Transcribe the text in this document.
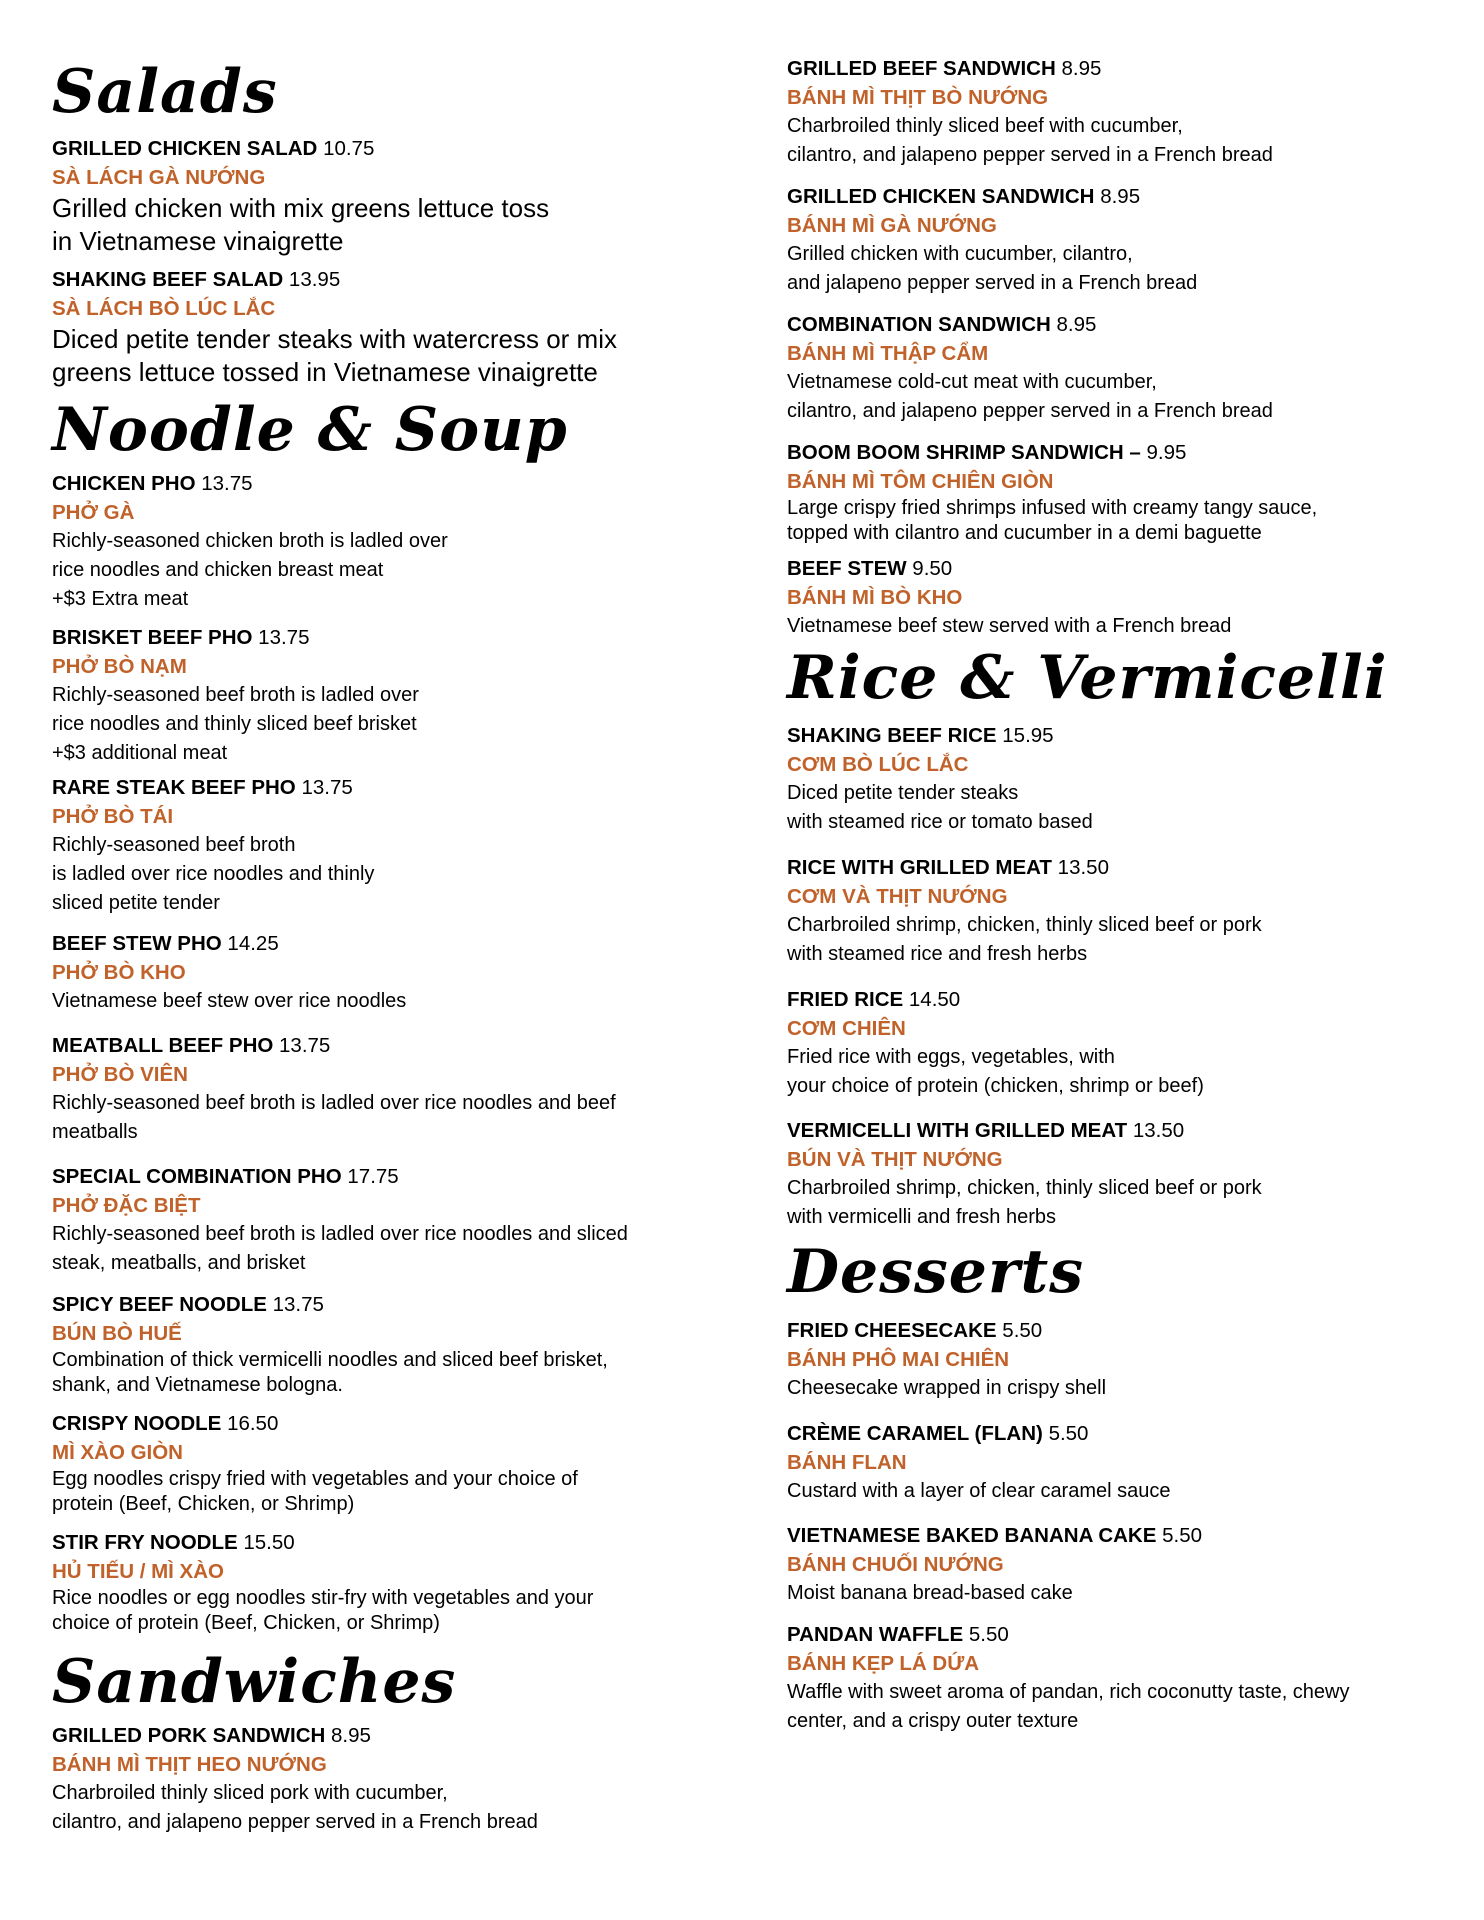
Salads
GRILLED CHICKEN SALAD 10.75
SÀ LÁCH GÀ NƯỚNG
Grilled chicken with mix greens lettuce toss
in Vietnamese vinaigrette
SHAKING BEEF SALAD 13.95
SÀ LÁCH BÒ LÚC LẮC
Diced petite tender steaks with watercress or mix
greens lettuce tossed in Vietnamese vinaigrette
Noodle & Soup
CHICKEN PHO 13.75
PHỞ GÀ
Richly-seasoned chicken broth is ladled over
rice noodles and chicken breast meat
+$3 Extra meat
BRISKET BEEF PHO 13.75
PHỞ BÒ NẠM
Richly-seasoned beef broth is ladled over
rice noodles and thinly sliced beef brisket
+$3 additional meat
RARE STEAK BEEF PHO 13.75
PHỞ BÒ TÁI
Richly-seasoned beef broth
is ladled over rice noodles and thinly
sliced petite tender
BEEF STEW PHO 14.25
PHỞ BÒ KHO
Vietnamese beef stew over rice noodles
MEATBALL BEEF PHO 13.75
PHỞ BÒ VIÊN
Richly-seasoned beef broth is ladled over rice noodles and beef
meatballs
SPECIAL COMBINATION PHO 17.75
PHỞ ĐẶC BIỆT
Richly-seasoned beef broth is ladled over rice noodles and sliced
steak, meatballs, and brisket
SPICY BEEF NOODLE 13.75
BÚN BÒ HUẾ
Combination of thick vermicelli noodles and sliced beef brisket,
shank, and Vietnamese bologna.
CRISPY NOODLE 16.50
MÌ XÀO GIÒN
Egg noodles crispy fried with vegetables and your choice of
protein (Beef, Chicken, or Shrimp)
STIR FRY NOODLE 15.50
HỦ TIẾU / MÌ XÀO
Rice noodles or egg noodles stir-fry with vegetables and your
choice of protein (Beef, Chicken, or Shrimp)
Sandwiches
GRILLED PORK SANDWICH 8.95
BÁNH MÌ THỊT HEO NƯỚNG
Charbroiled thinly sliced pork with cucumber,
cilantro, and jalapeno pepper served in a French bread
GRILLED BEEF SANDWICH 8.95
BÁNH MÌ THỊT BÒ NƯỚNG
Charbroiled thinly sliced beef with cucumber,
cilantro, and jalapeno pepper served in a French bread
GRILLED CHICKEN SANDWICH 8.95
BÁNH MÌ GÀ NƯỚNG
Grilled chicken with cucumber, cilantro,
and jalapeno pepper served in a French bread
COMBINATION SANDWICH 8.95
BÁNH MÌ THẬP CẨM
Vietnamese cold-cut meat with cucumber,
cilantro, and jalapeno pepper served in a French bread
BOOM BOOM SHRIMP SANDWICH – 9.95
BÁNH MÌ TÔM CHIÊN GIÒN
Large crispy fried shrimps infused with creamy tangy sauce,
topped with cilantro and cucumber in a demi baguette
BEEF STEW 9.50
BÁNH MÌ BÒ KHO
Vietnamese beef stew served with a French bread
Rice & Vermicelli
SHAKING BEEF RICE 15.95
CƠM BÒ LÚC LẮC
Diced petite tender steaks
with steamed rice or tomato based
RICE WITH GRILLED MEAT 13.50
CƠM VÀ THỊT NƯỚNG
Charbroiled shrimp, chicken, thinly sliced beef or pork
with steamed rice and fresh herbs
FRIED RICE 14.50
CƠM CHIÊN
Fried rice with eggs, vegetables, with
your choice of protein (chicken, shrimp or beef)
VERMICELLI WITH GRILLED MEAT 13.50
BÚN VÀ THỊT NƯỚNG
Charbroiled shrimp, chicken, thinly sliced beef or pork
with vermicelli and fresh herbs
Desserts
FRIED CHEESECAKE 5.50
BÁNH PHÔ MAI CHIÊN
Cheesecake wrapped in crispy shell
CRÈME CARAMEL (FLAN) 5.50
BÁNH FLAN
Custard with a layer of clear caramel sauce
VIETNAMESE BAKED BANANA CAKE 5.50
BÁNH CHUỐI NƯỚNG
Moist banana bread-based cake
PANDAN WAFFLE 5.50
BÁNH KẸP LÁ DỨA
Waffle with sweet aroma of pandan, rich coconutty taste, chewy
center, and a crispy outer texture
